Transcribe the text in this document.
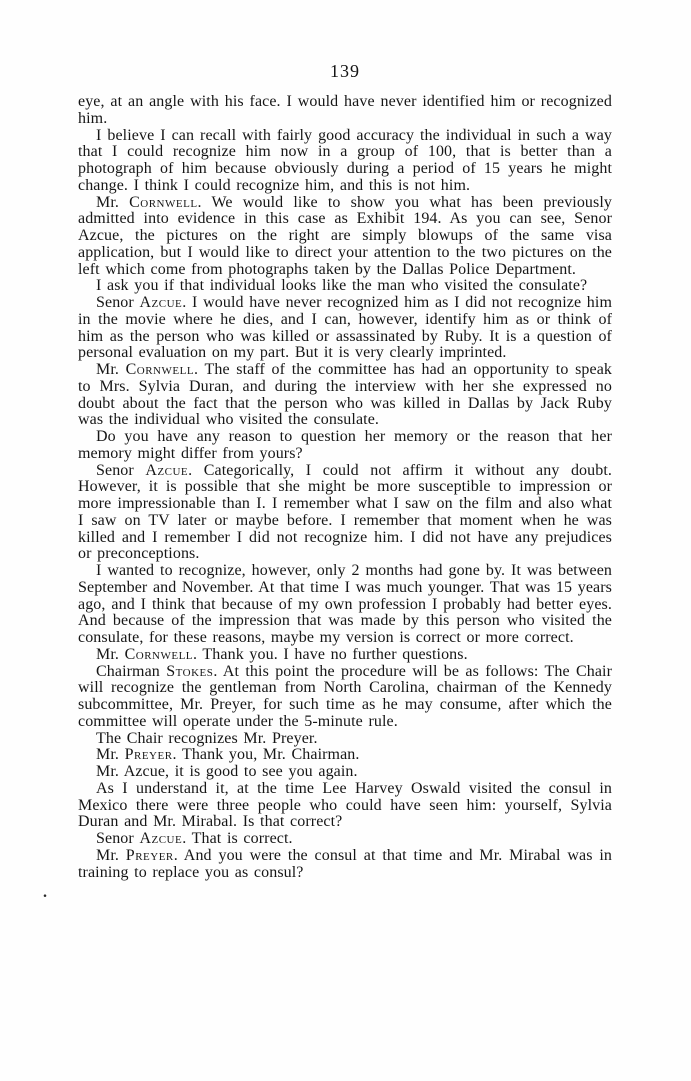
139
.

eye, at an angle with his face. I would have never identified him or recognized him.

I believe I can recall with fairly good accuracy the individual in such a way that I could recognize him now in a group of 100, that is better than a photograph of him because obviously during a period of 15 years he might change. I think I could recognize him, and this is not him.

Mr. Cornwell. We would like to show you what has been previously admitted into evidence in this case as Exhibit 194. As you can see, Senor Azcue, the pictures on the right are simply blowups of the same visa application, but I would like to direct your attention to the two pictures on the left which come from photographs taken by the Dallas Police Department.

I ask you if that individual looks like the man who visited the consulate?

Senor Azcue. I would have never recognized him as I did not recognize him in the movie where he dies, and I can, however, identify him as or think of him as the person who was killed or assassinated by Ruby. It is a question of personal evaluation on my part. But it is very clearly imprinted.

Mr. Cornwell. The staff of the committee has had an opportunity to speak to Mrs. Sylvia Duran, and during the interview with her she expressed no doubt about the fact that the person who was killed in Dallas by Jack Ruby was the individual who visited the consulate.

Do you have any reason to question her memory or the reason that her memory might differ from yours?

Senor Azcue. Categorically, I could not affirm it without any doubt. However, it is possible that she might be more susceptible to impression or more impressionable than I. I remember what I saw on the film and also what I saw on TV later or maybe before. I remember that moment when he was killed and I remember I did not recognize him. I did not have any prejudices or preconceptions.

I wanted to recognize, however, only 2 months had gone by. It was between September and November. At that time I was much younger. That was 15 years ago, and I think that because of my own profession I probably had better eyes. And because of the impression that was made by this person who visited the consulate, for these reasons, maybe my version is correct or more correct.

Mr. Cornwell. Thank you. I have no further questions.

Chairman Stokes. At this point the procedure will be as follows: The Chair will recognize the gentleman from North Carolina, chairman of the Kennedy subcommittee, Mr. Preyer, for such time as he may consume, after which the committee will operate under the 5-minute rule.

The Chair recognizes Mr. Preyer.

Mr. Preyer. Thank you, Mr. Chairman.

Mr. Azcue, it is good to see you again.

As I understand it, at the time Lee Harvey Oswald visited the consul in Mexico there were three people who could have seen him: yourself, Sylvia Duran and Mr. Mirabal. Is that correct?

Senor Azcue. That is correct.

Mr. Preyer. And you were the consul at that time and Mr. Mirabal was in training to replace you as consul?
